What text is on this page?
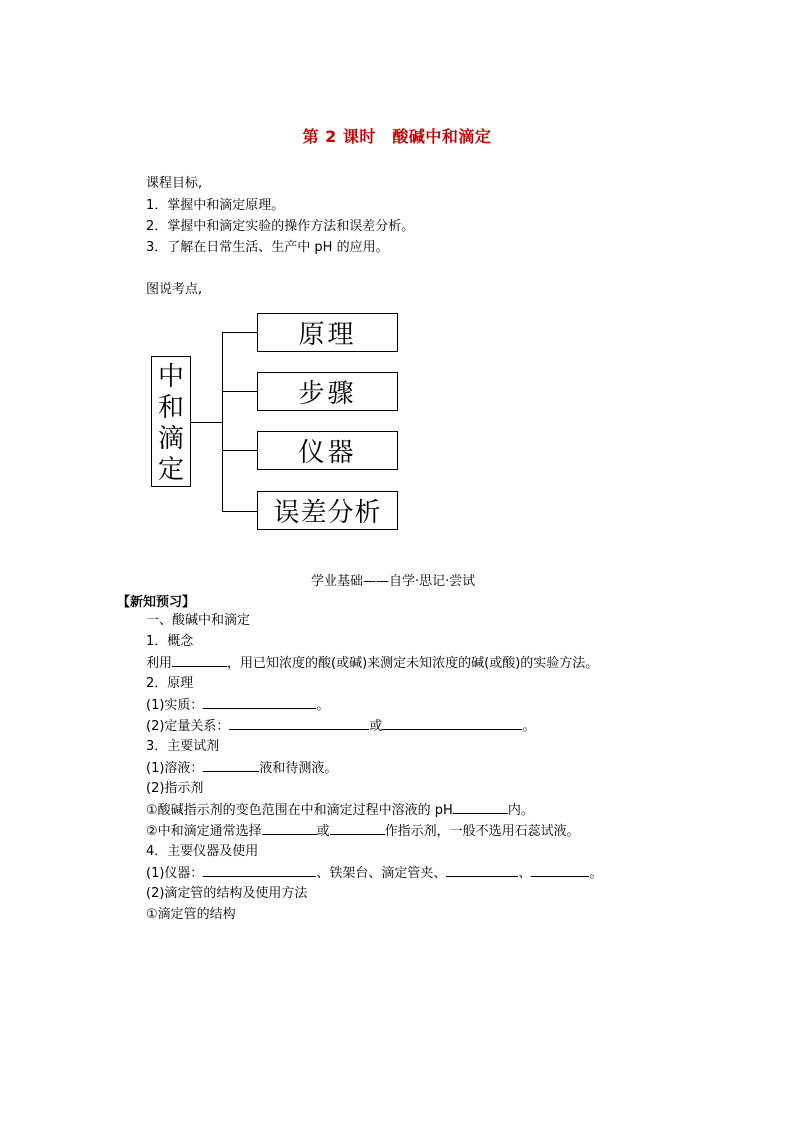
第 2 课时　酸碱中和滴定
课程目标,
1．掌握中和滴定原理。
2．掌握中和滴定实验的操作方法和误差分析。
3．了解在日常生活、生产中 pH 的应用。
图说考点,
中
和
滴
定
原理
步骤
仪器
误差分析
学业基础——自学·思记·尝试
【新知预习】
一、酸碱中和滴定
1．概念
利用	，用已知浓度的酸(或碱)来测定未知浓度的碱(或酸)的实验方法。
2．原理
(1)实质：	。
(2)定量关系：	或	。
3．主要试剂
(1)溶液：	液和待测液。
(2)指示剂
①酸碱指示剂的变色范围在中和滴定过程中溶液的 pH	内。
②中和滴定通常选择	或	作指示剂，一般不选用石蕊试液。
4．主要仪器及使用
(1)仪器：	、铁架台、滴定管夹、	、	。
(2)滴定管的结构及使用方法
①滴定管的结构
